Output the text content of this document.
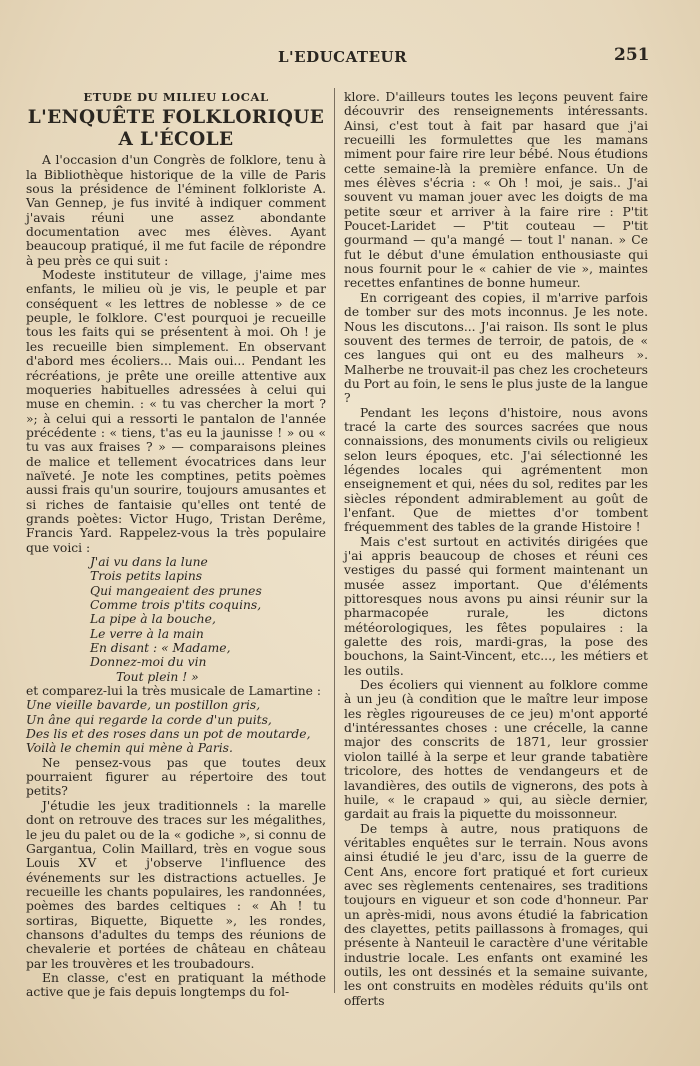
L'EDUCATEUR	251
ETUDE DU MILIEU LOCAL
L'ENQUÊTE FOLKLORIQUE
A L'ÉCOLE

A l'occasion d'un Congrès de folklore, tenu à la Bibliothèque historique de la ville de Paris sous la présidence de l'éminent folkloriste A. Van Gennep, je fus invité à indiquer comment j'avais réuni une assez abondante documentation avec mes élèves. Ayant beaucoup pratiqué, il me fut facile de répondre à peu près ce qui suit :

Modeste instituteur de village, j'aime mes enfants, le milieu où je vis, le peuple et par conséquent « les lettres de noblesse » de ce peuple, le folklore. C'est pourquoi je recueille tous les faits qui se présentent à moi. Oh ! je les recueille bien simplement. En observant d'abord mes écoliers... Mais oui... Pendant les récréations, je prête une oreille attentive aux moqueries habituelles adressées à celui qui muse en chemin. : « tu vas chercher la mort ? »; à celui qui a ressorti le pantalon de l'année précédente : « tiens, t'as eu la jaunisse ! » ou « tu vas aux fraises ? » — comparaisons pleines de malice et tellement évocatrices dans leur naïveté. Je note les comptines, petits poèmes aussi frais qu'un sourire, toujours amusantes et si riches de fantaisie qu'elles ont tenté de grands poètes: Victor Hugo, Tristan Derême, Francis Yard. Rappelez-vous la très populaire que voici :

J'ai vu dans la lune
Trois petits lapins
Qui mangeaient des prunes
Comme trois p'tits coquins,
La pipe à la bouche,
Le verre à la main
En disant : « Madame,
Donnez-moi du vin
Tout plein ! »

et comparez-lui la très musicale de Lamartine :

Une vieille bavarde, un postillon gris,
Un âne qui regarde la corde d'un puits,
Des lis et des roses dans un pot de moutarde,
Voilà le chemin qui mène à Paris.

Ne pensez-vous pas que toutes deux pourraient figurer au répertoire des tout petits?

J'étudie les jeux traditionnels : la marelle dont on retrouve des traces sur les mégalithes, le jeu du palet ou de la « godiche », si connu de Gargantua, Colin Maillard, très en vogue sous Louis XV et j'observe l'influence des événements sur les distractions actuelles. Je recueille les chants populaires, les randonnées, poèmes des bardes celtiques : « Ah ! tu sortiras, Biquette, Biquette », les rondes, chansons d'adultes du temps des réunions de chevalerie et portées de château en château par les trouvères et les troubadours.

En classe, c'est en pratiquant la méthode active que je fais depuis longtemps du fol-

klore. D'ailleurs toutes les leçons peuvent faire découvrir des renseignements intéressants. Ainsi, c'est tout à fait par hasard que j'ai recueilli les formulettes que les mamans miment pour faire rire leur bébé. Nous étudions cette semaine-là la première enfance. Un de mes élèves s'écria : « Oh ! moi, je sais.. J'ai souvent vu maman jouer avec les doigts de ma petite sœur et arriver à la faire rire : P'tit Poucet-Laridet — P'tit couteau — P'tit gourmand — qu'a mangé — tout l' nanan. » Ce fut le début d'une émulation enthousiaste qui nous fournit pour le « cahier de vie », maintes recettes enfantines de bonne humeur.

En corrigeant des copies, il m'arrive parfois de tomber sur des mots inconnus. Je les note. Nous les discutons... J'ai raison. Ils sont le plus souvent des termes de terroir, de patois, de « ces langues qui ont eu des malheurs ». Malherbe ne trouvait-il pas chez les crocheteurs du Port au foin, le sens le plus juste de la langue ?

Pendant les leçons d'histoire, nous avons tracé la carte des sources sacrées que nous connaissions, des monuments civils ou religieux selon leurs époques, etc. J'ai sélectionné les légendes locales qui agrémentent mon enseignement et qui, nées du sol, redites par les siècles répondent admirablement au goût de l'enfant. Que de miettes d'or tombent fréquemment des tables de la grande Histoire !

Mais c'est surtout en activités dirigées que j'ai appris beaucoup de choses et réuni ces vestiges du passé qui forment maintenant un musée assez important. Que d'éléments pittoresques nous avons pu ainsi réunir sur la pharmacopée rurale, les dictons météorologiques, les fêtes populaires : la galette des rois, mardi-gras, la pose des bouchons, la Saint-Vincent, etc..., les métiers et les outils.

Des écoliers qui viennent au folklore comme à un jeu (à condition que le maître leur impose les règles rigoureuses de ce jeu) m'ont apporté d'intéressantes choses : une crécelle, la canne major des conscrits de 1871, leur grossier violon taillé à la serpe et leur grande tabatière tricolore, des hottes de vendangeurs et de lavandières, des outils de vignerons, des pots à huile, « le crapaud » qui, au siècle dernier, gardait au frais la piquette du moissonneur.

De temps à autre, nous pratiquons de véritables enquêtes sur le terrain. Nous avons ainsi étudié le jeu d'arc, issu de la guerre de Cent Ans, encore fort pratiqué et fort curieux avec ses règlements centenaires, ses traditions toujours en vigueur et son code d'honneur. Par un après-midi, nous avons étudié la fabrication des clayettes, petits paillassons à fromages, qui présente à Nanteuil le caractère d'une véritable industrie locale. Les enfants ont examiné les outils, les ont dessinés et la semaine suivante, les ont construits en modèles réduits qu'ils ont offerts
